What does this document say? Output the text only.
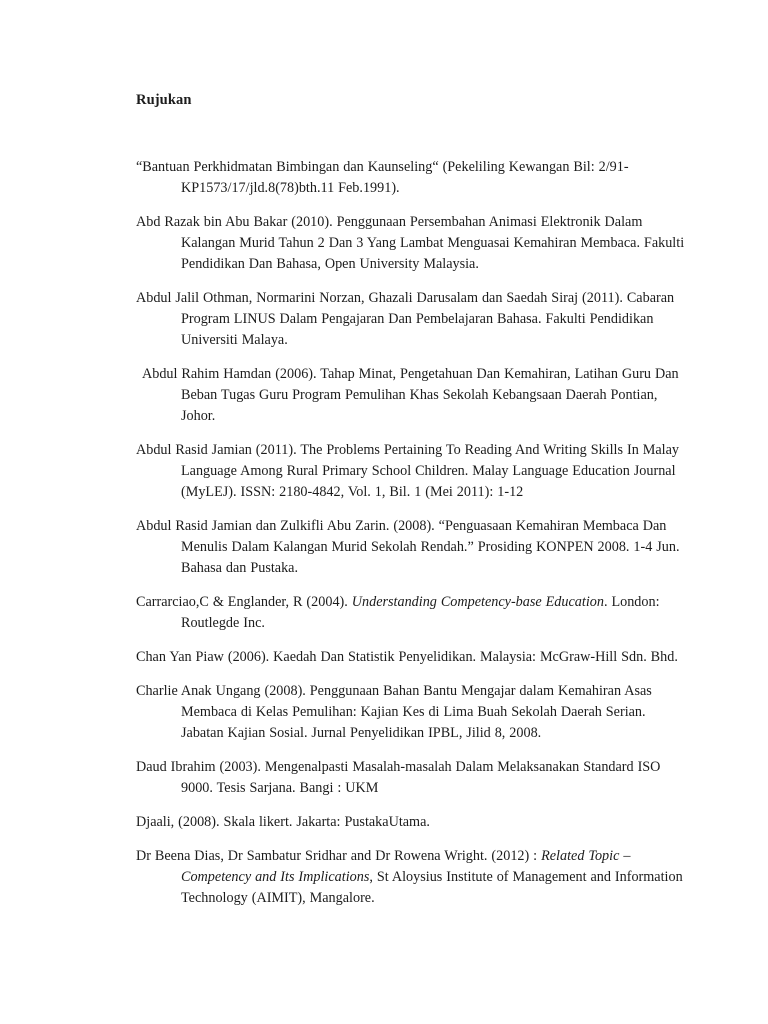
Rujukan

“Bantuan Perkhidmatan Bimbingan dan Kaunseling“ (Pekeliling Kewangan Bil: 2/91-KP1573/17/jld.8(78)bth.11 Feb.1991).

Abd Razak bin Abu Bakar (2010). Penggunaan Persembahan Animasi Elektronik Dalam Kalangan Murid Tahun 2 Dan 3 Yang Lambat Menguasai Kemahiran Membaca. Fakulti Pendidikan Dan Bahasa, Open University Malaysia.

Abdul Jalil Othman, Normarini Norzan, Ghazali Darusalam dan Saedah Siraj (2011). Cabaran Program LINUS Dalam Pengajaran Dan Pembelajaran Bahasa. Fakulti Pendidikan Universiti Malaya.

Abdul Rahim Hamdan (2006). Tahap Minat, Pengetahuan Dan Kemahiran, Latihan Guru Dan Beban Tugas Guru Program Pemulihan Khas Sekolah Kebangsaan Daerah Pontian, Johor.

Abdul Rasid Jamian (2011). The Problems Pertaining To Reading And Writing Skills In Malay Language Among Rural Primary School Children. Malay Language Education Journal (MyLEJ). ISSN: 2180-4842, Vol. 1, Bil. 1 (Mei 2011): 1-12

Abdul Rasid Jamian dan Zulkifli Abu Zarin. (2008). “Penguasaan Kemahiran Membaca Dan Menulis Dalam Kalangan Murid Sekolah Rendah.” Prosiding KONPEN 2008. 1-4 Jun. Bahasa dan Pustaka.

Carrarciao,C & Englander, R (2004). Understanding Competency-base Education. London: Routlegde Inc.

Chan Yan Piaw (2006). Kaedah Dan Statistik Penyelidikan. Malaysia: McGraw-Hill Sdn. Bhd.

Charlie Anak Ungang (2008). Penggunaan Bahan Bantu Mengajar dalam Kemahiran Asas Membaca di Kelas Pemulihan: Kajian Kes di Lima Buah Sekolah Daerah Serian. Jabatan Kajian Sosial. Jurnal Penyelidikan IPBL, Jilid 8, 2008.

Daud Ibrahim (2003). Mengenalpasti Masalah-masalah Dalam Melaksanakan Standard ISO 9000. Tesis Sarjana. Bangi : UKM

Djaali, (2008). Skala likert. Jakarta: PustakaUtama.

Dr Beena Dias, Dr Sambatur Sridhar and Dr Rowena Wright. (2012) : Related Topic – Competency and Its Implications, St Aloysius Institute of Management and Information Technology (AIMIT), Mangalore.
